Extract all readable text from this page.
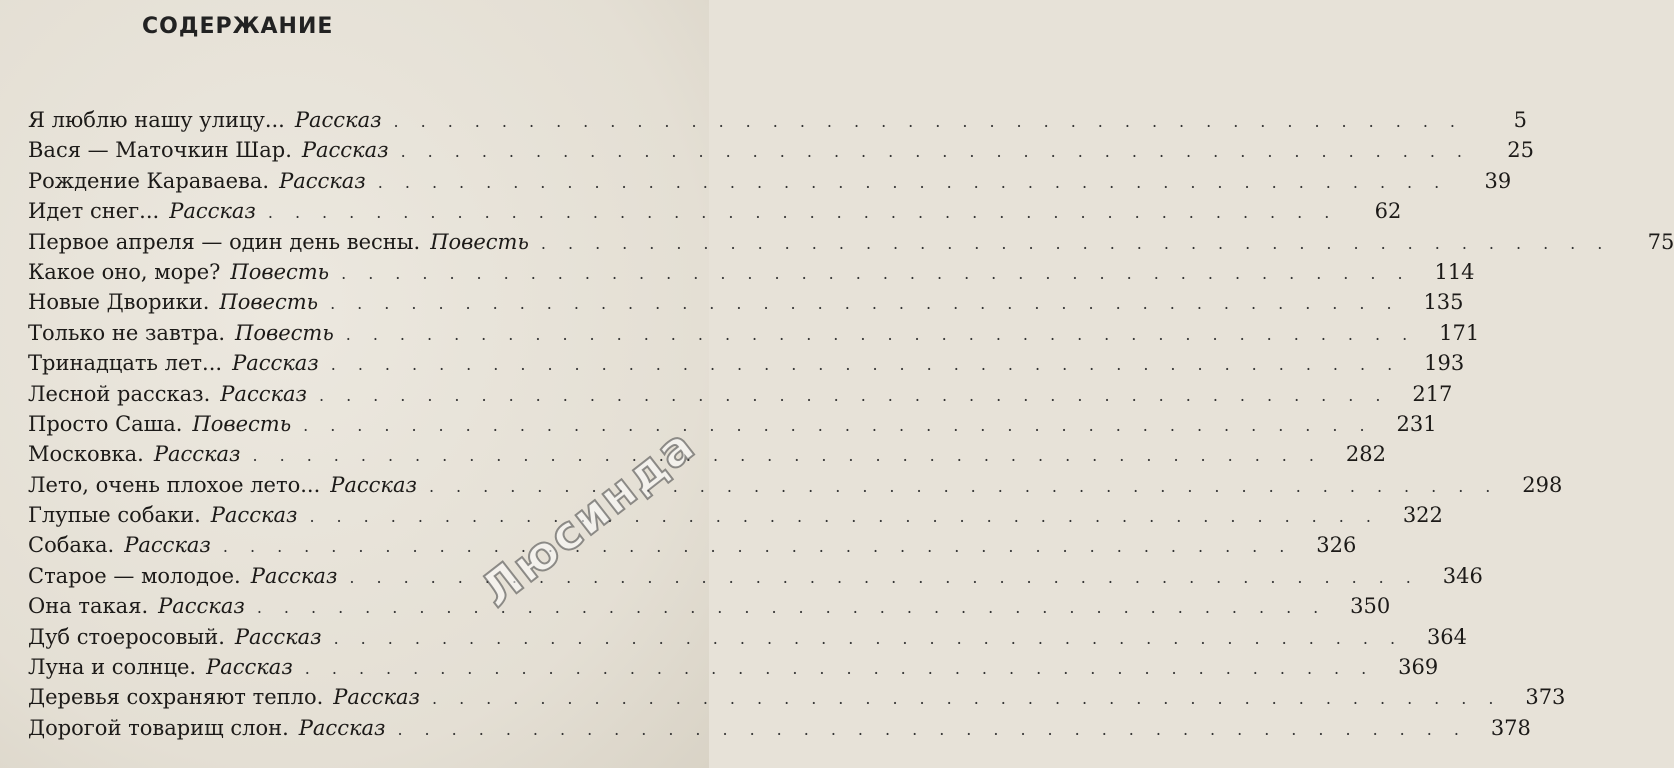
СОДЕРЖАНИЕ
Я люблю нашу улицу... Рассказ ........................................	5
Вася — Маточкин Шар. Рассказ ........................................	25
Рождение Караваева. Рассказ ........................................	39
Идет снег... Рассказ ........................................	62
Первое апреля — один день весны. Повесть ........................................	75
Какое оно, море? Повесть ........................................ 114
Новые Дворики. Повесть ........................................ 135
Только не завтра. Повесть ........................................ 171
Тринадцать лет... Рассказ ........................................ 193
Лесной рассказ. Рассказ ........................................ 217
Просто Саша. Повесть ........................................ 231
Московка. Рассказ ........................................ 282
Лето, очень плохое лето... Рассказ ........................................ 298
Глупые собаки. Рассказ ........................................ 322
Собака. Рассказ ........................................ 326
Старое — молодое. Рассказ ........................................ 346
Она такая. Рассказ ........................................ 350
Дуб стоеросовый. Рассказ ........................................ 364
Луна и солнце. Рассказ ........................................ 369
Деревья сохраняют тепло. Рассказ ........................................ 373
Дорогой товарищ слон. Рассказ ........................................ 378
Люсинда
